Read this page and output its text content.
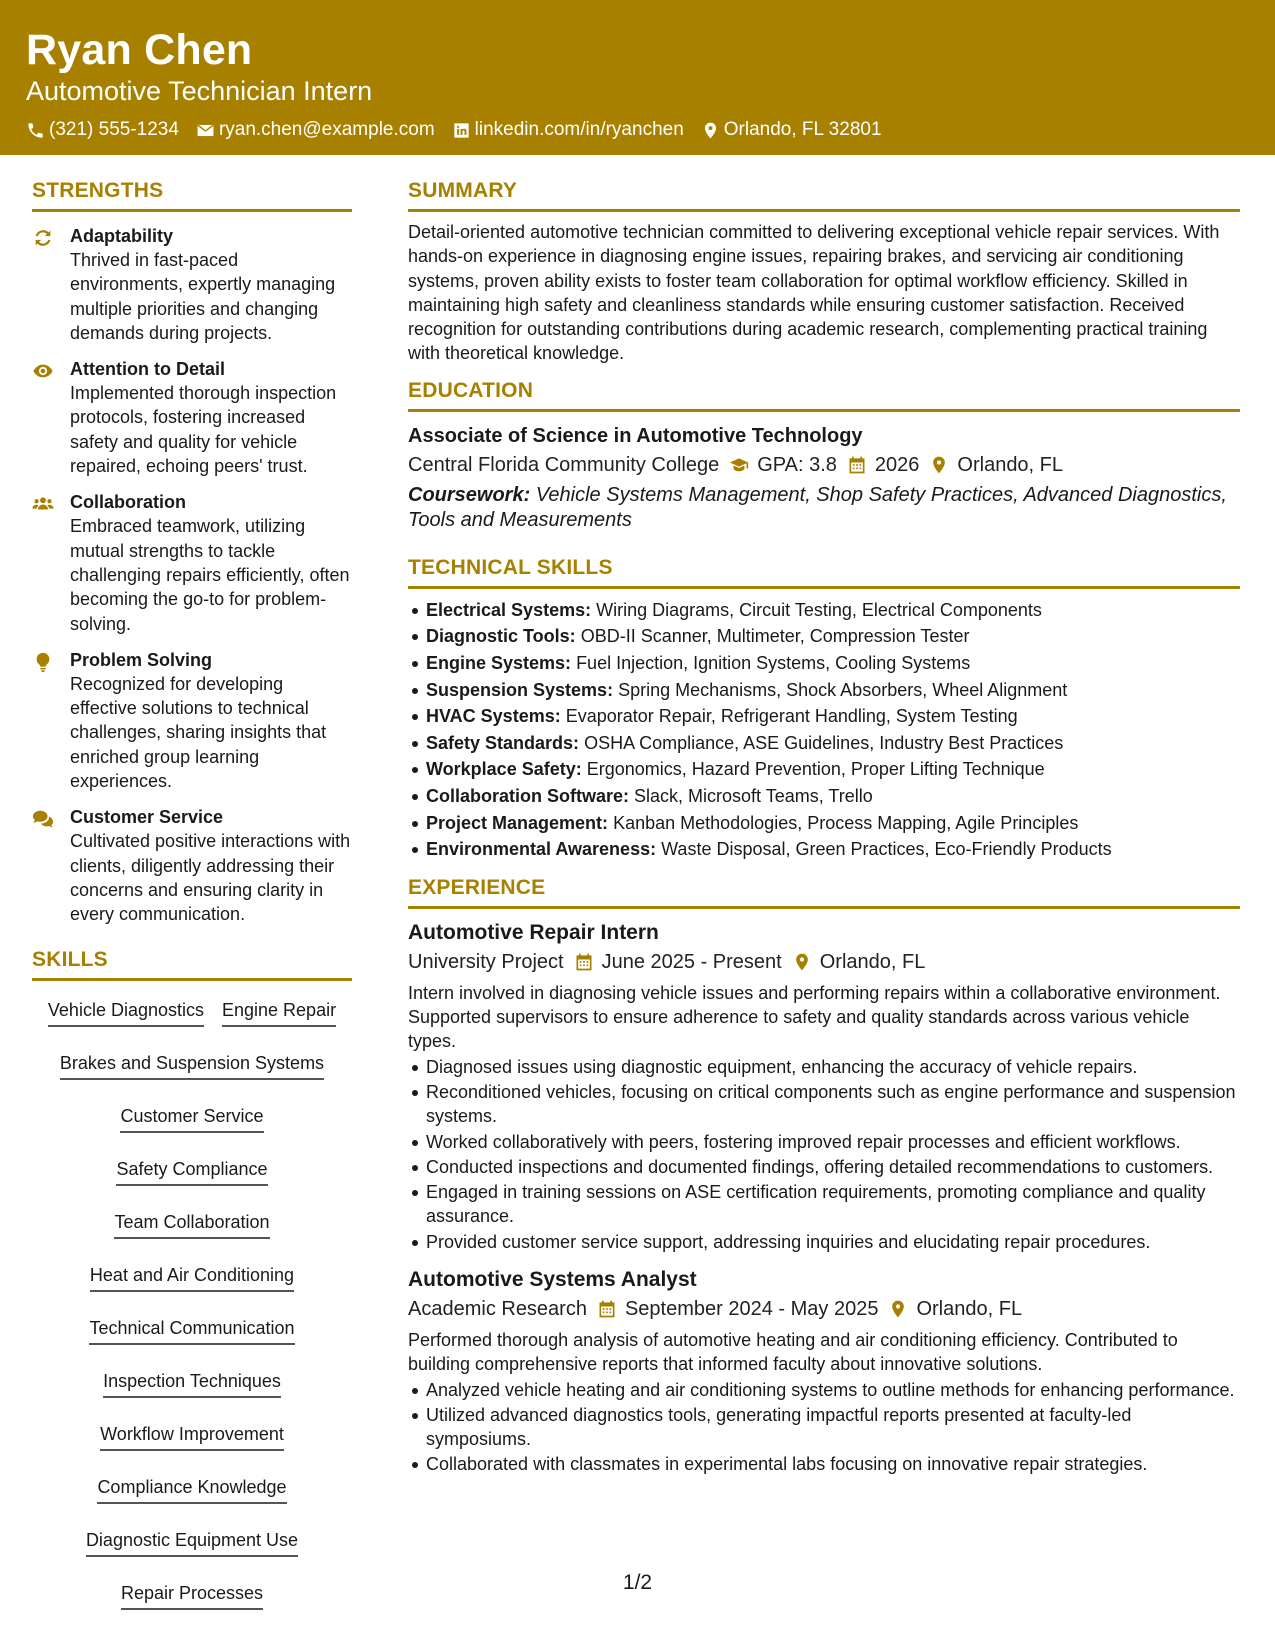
Ryan Chen
Automotive Technician Intern
(321) 555-1234 ryan.chen@example.com linkedin.com/in/ryanchen Orlando, FL 32801
STRENGTHS
Adaptability
Thrived in fast-paced environments, expertly managing multiple priorities and changing demands during projects.
Attention to Detail
Implemented thorough inspection protocols, fostering increased safety and quality for vehicle repaired, echoing peers' trust.
Collaboration
Embraced teamwork, utilizing mutual strengths to tackle challenging repairs efficiently, often becoming the go-to for problem-solving.
Problem Solving
Recognized for developing effective solutions to technical challenges, sharing insights that enriched group learning experiences.
Customer Service
Cultivated positive interactions with clients, diligently addressing their concerns and ensuring clarity in every communication.
SKILLS
Vehicle Diagnostics Engine Repair
Brakes and Suspension Systems
Customer Service
Safety Compliance
Team Collaboration
Heat and Air Conditioning
Technical Communication
Inspection Techniques
Workflow Improvement
Compliance Knowledge
Diagnostic Equipment Use
Repair Processes
SUMMARY
Detail-oriented automotive technician committed to delivering exceptional vehicle repair services. With hands-on experience in diagnosing engine issues, repairing brakes, and servicing air conditioning systems, proven ability exists to foster team collaboration for optimal workflow efficiency. Skilled in maintaining high safety and cleanliness standards while ensuring customer satisfaction. Received recognition for outstanding contributions during academic research, complementing practical training with theoretical knowledge.
EDUCATION
Associate of Science in Automotive Technology
Central Florida Community College GPA: 3.8 2026 Orlando, FL
Coursework: Vehicle Systems Management, Shop Safety Practices, Advanced Diagnostics, Tools and Measurements
TECHNICAL SKILLS
Electrical Systems: Wiring Diagrams, Circuit Testing, Electrical Components
Diagnostic Tools: OBD-II Scanner, Multimeter, Compression Tester
Engine Systems: Fuel Injection, Ignition Systems, Cooling Systems
Suspension Systems: Spring Mechanisms, Shock Absorbers, Wheel Alignment
HVAC Systems: Evaporator Repair, Refrigerant Handling, System Testing
Safety Standards: OSHA Compliance, ASE Guidelines, Industry Best Practices
Workplace Safety: Ergonomics, Hazard Prevention, Proper Lifting Technique
Collaboration Software: Slack, Microsoft Teams, Trello
Project Management: Kanban Methodologies, Process Mapping, Agile Principles
Environmental Awareness: Waste Disposal, Green Practices, Eco-Friendly Products
EXPERIENCE
Automotive Repair Intern
University Project June 2025 - Present Orlando, FL
Intern involved in diagnosing vehicle issues and performing repairs within a collaborative environment. Supported supervisors to ensure adherence to safety and quality standards across various vehicle types.
Diagnosed issues using diagnostic equipment, enhancing the accuracy of vehicle repairs.
Reconditioned vehicles, focusing on critical components such as engine performance and suspension systems.
Worked collaboratively with peers, fostering improved repair processes and efficient workflows.
Conducted inspections and documented findings, offering detailed recommendations to customers.
Engaged in training sessions on ASE certification requirements, promoting compliance and quality assurance.
Provided customer service support, addressing inquiries and elucidating repair procedures.
Automotive Systems Analyst
Academic Research September 2024 - May 2025 Orlando, FL
Performed thorough analysis of automotive heating and air conditioning efficiency. Contributed to building comprehensive reports that informed faculty about innovative solutions.
Analyzed vehicle heating and air conditioning systems to outline methods for enhancing performance.
Utilized advanced diagnostics tools, generating impactful reports presented at faculty-led symposiums.
Collaborated with classmates in experimental labs focusing on innovative repair strategies.
1/2
